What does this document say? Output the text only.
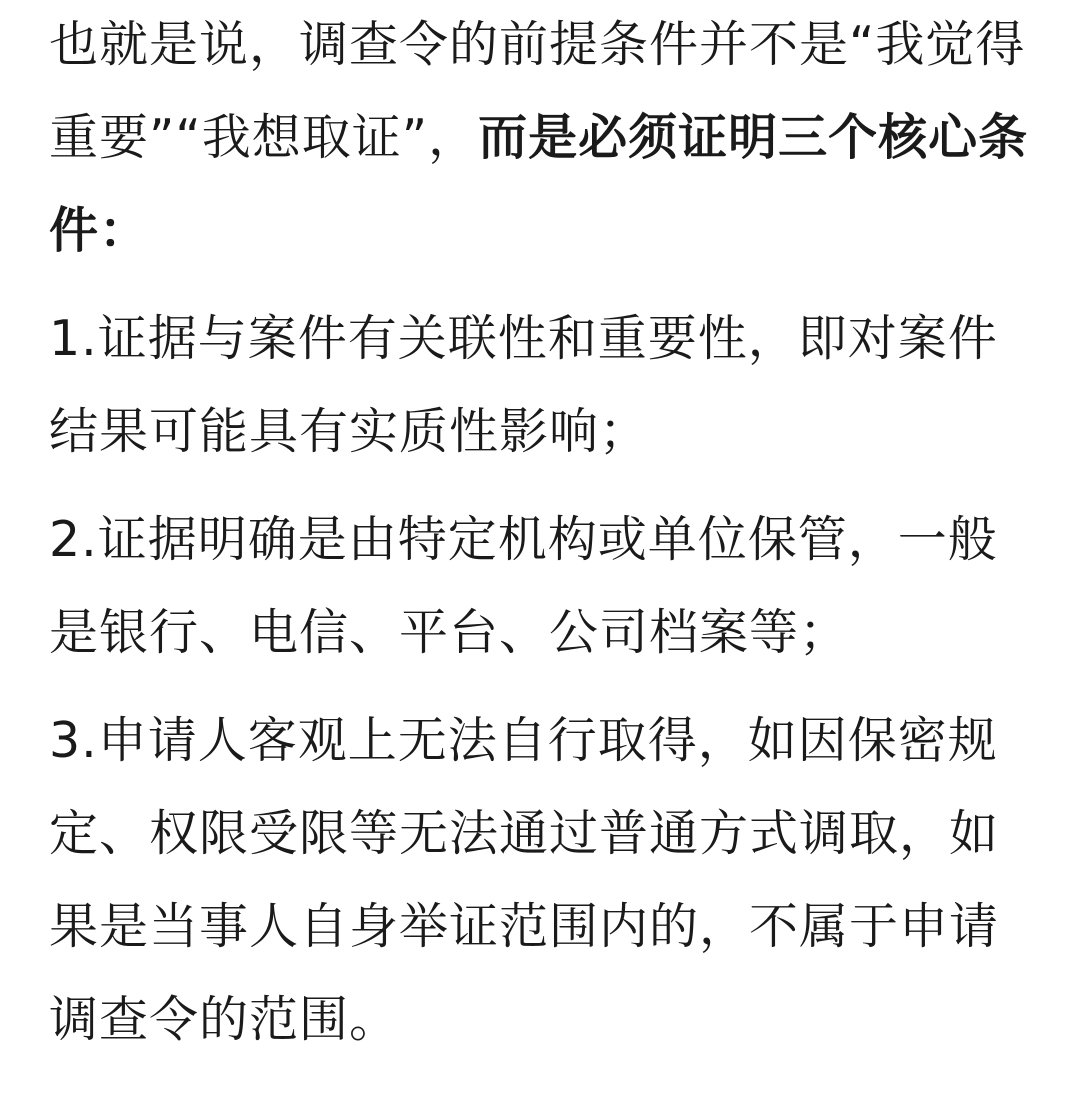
也就是说，调查令的前提条件并不是“我觉得重要”“我想取证”，而是必须证明三个核心条件：

1.证据与案件有关联性和重要性，即对案件结果可能具有实质性影响；

2.证据明确是由特定机构或单位保管，一般是银行、电信、平台、公司档案等；

3.申请人客观上无法自行取得，如因保密规定、权限受限等无法通过普通方式调取，如果是当事人自身举证范围内的，不属于申请调查令的范围。
